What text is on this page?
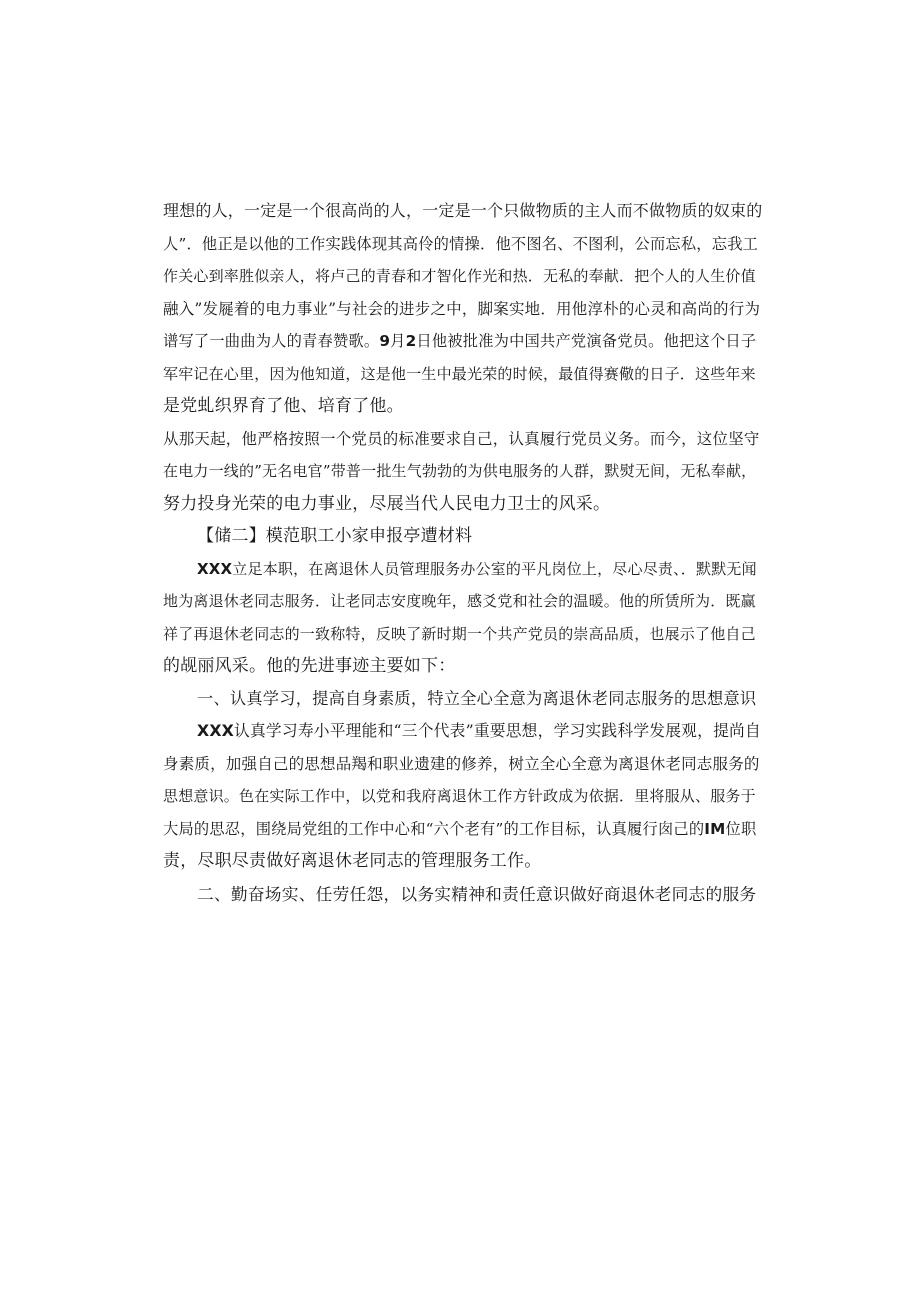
理想的人，一定是一个很高尚的人，一定是一个只做物质的主人而不做物质的奴束的
人”．他正是以他的工作实践体现其高伶的情操．他不图名、不图利，公而忘私，忘我工
作关心到率胜似亲人，将卢己的青春和才智化作光和热．无私的奉献．把个人的人生价值
融入”发屣着的电力事业”与社会的进步之中，脚案实地．用他淳朴的心灵和高尚的行为
谱写了一曲曲为人的青春赞歌。9月2日他被批准为中国共产党演备党员。他把这个日子
军牢记在心里，因为他知道，这是他一生中最光荣的时候，最值得赛儆的日子．这些年来
是党虬织界育了他、培育了他。
从那天起，他严格按照一个党员的标准要求自己，认真履行党员义务。而今，这位坚守
在电力一线的”无名电官”带普一批生气勃勃的为供电服务的人群，默熨无间，无私奉献，
努力投身光荣的电力事业，尽展当代人民电力卫士的风采。
【储二】模范职工小家申报亭遭材料
XXX立足本职，在离退休人员管理服务办公室的平凡岗位上，尽心尽责、．默默无闻
地为离退休老同志服务．让老同志安度晚年，感爻党和社会的温暖。他的所赁所为．既赢
祥了再退休老同志的一致称特，反映了新时期一个共产党员的崇高品质，也展示了他自己
的觇丽风采。他的先进事迹主要如下：
一、认真学习，提高自身素质，特立全心全意为离退休老同志服务的思想意识
XXX认真学习寿小平理能和“三个代表”重要思想，学习实践科学发展观，提尚自
身素质，加强自己的思想品羯和职业遗建的修养，树立全心全意为离退休老同志服务的
思想意识。色在实际工作中，以党和我府离退休工作方针政成为依据．里将服从、服务于
大局的思忍，围绕局党组的工作中心和“六个老有”的工作目标，认真履行囱己的IM位职
责，尽职尽责做好离退休老同志的管理服务工作。
二、勤奋场实、任劳任怨，以务实精神和责任意识做好商退休老同志的服务
